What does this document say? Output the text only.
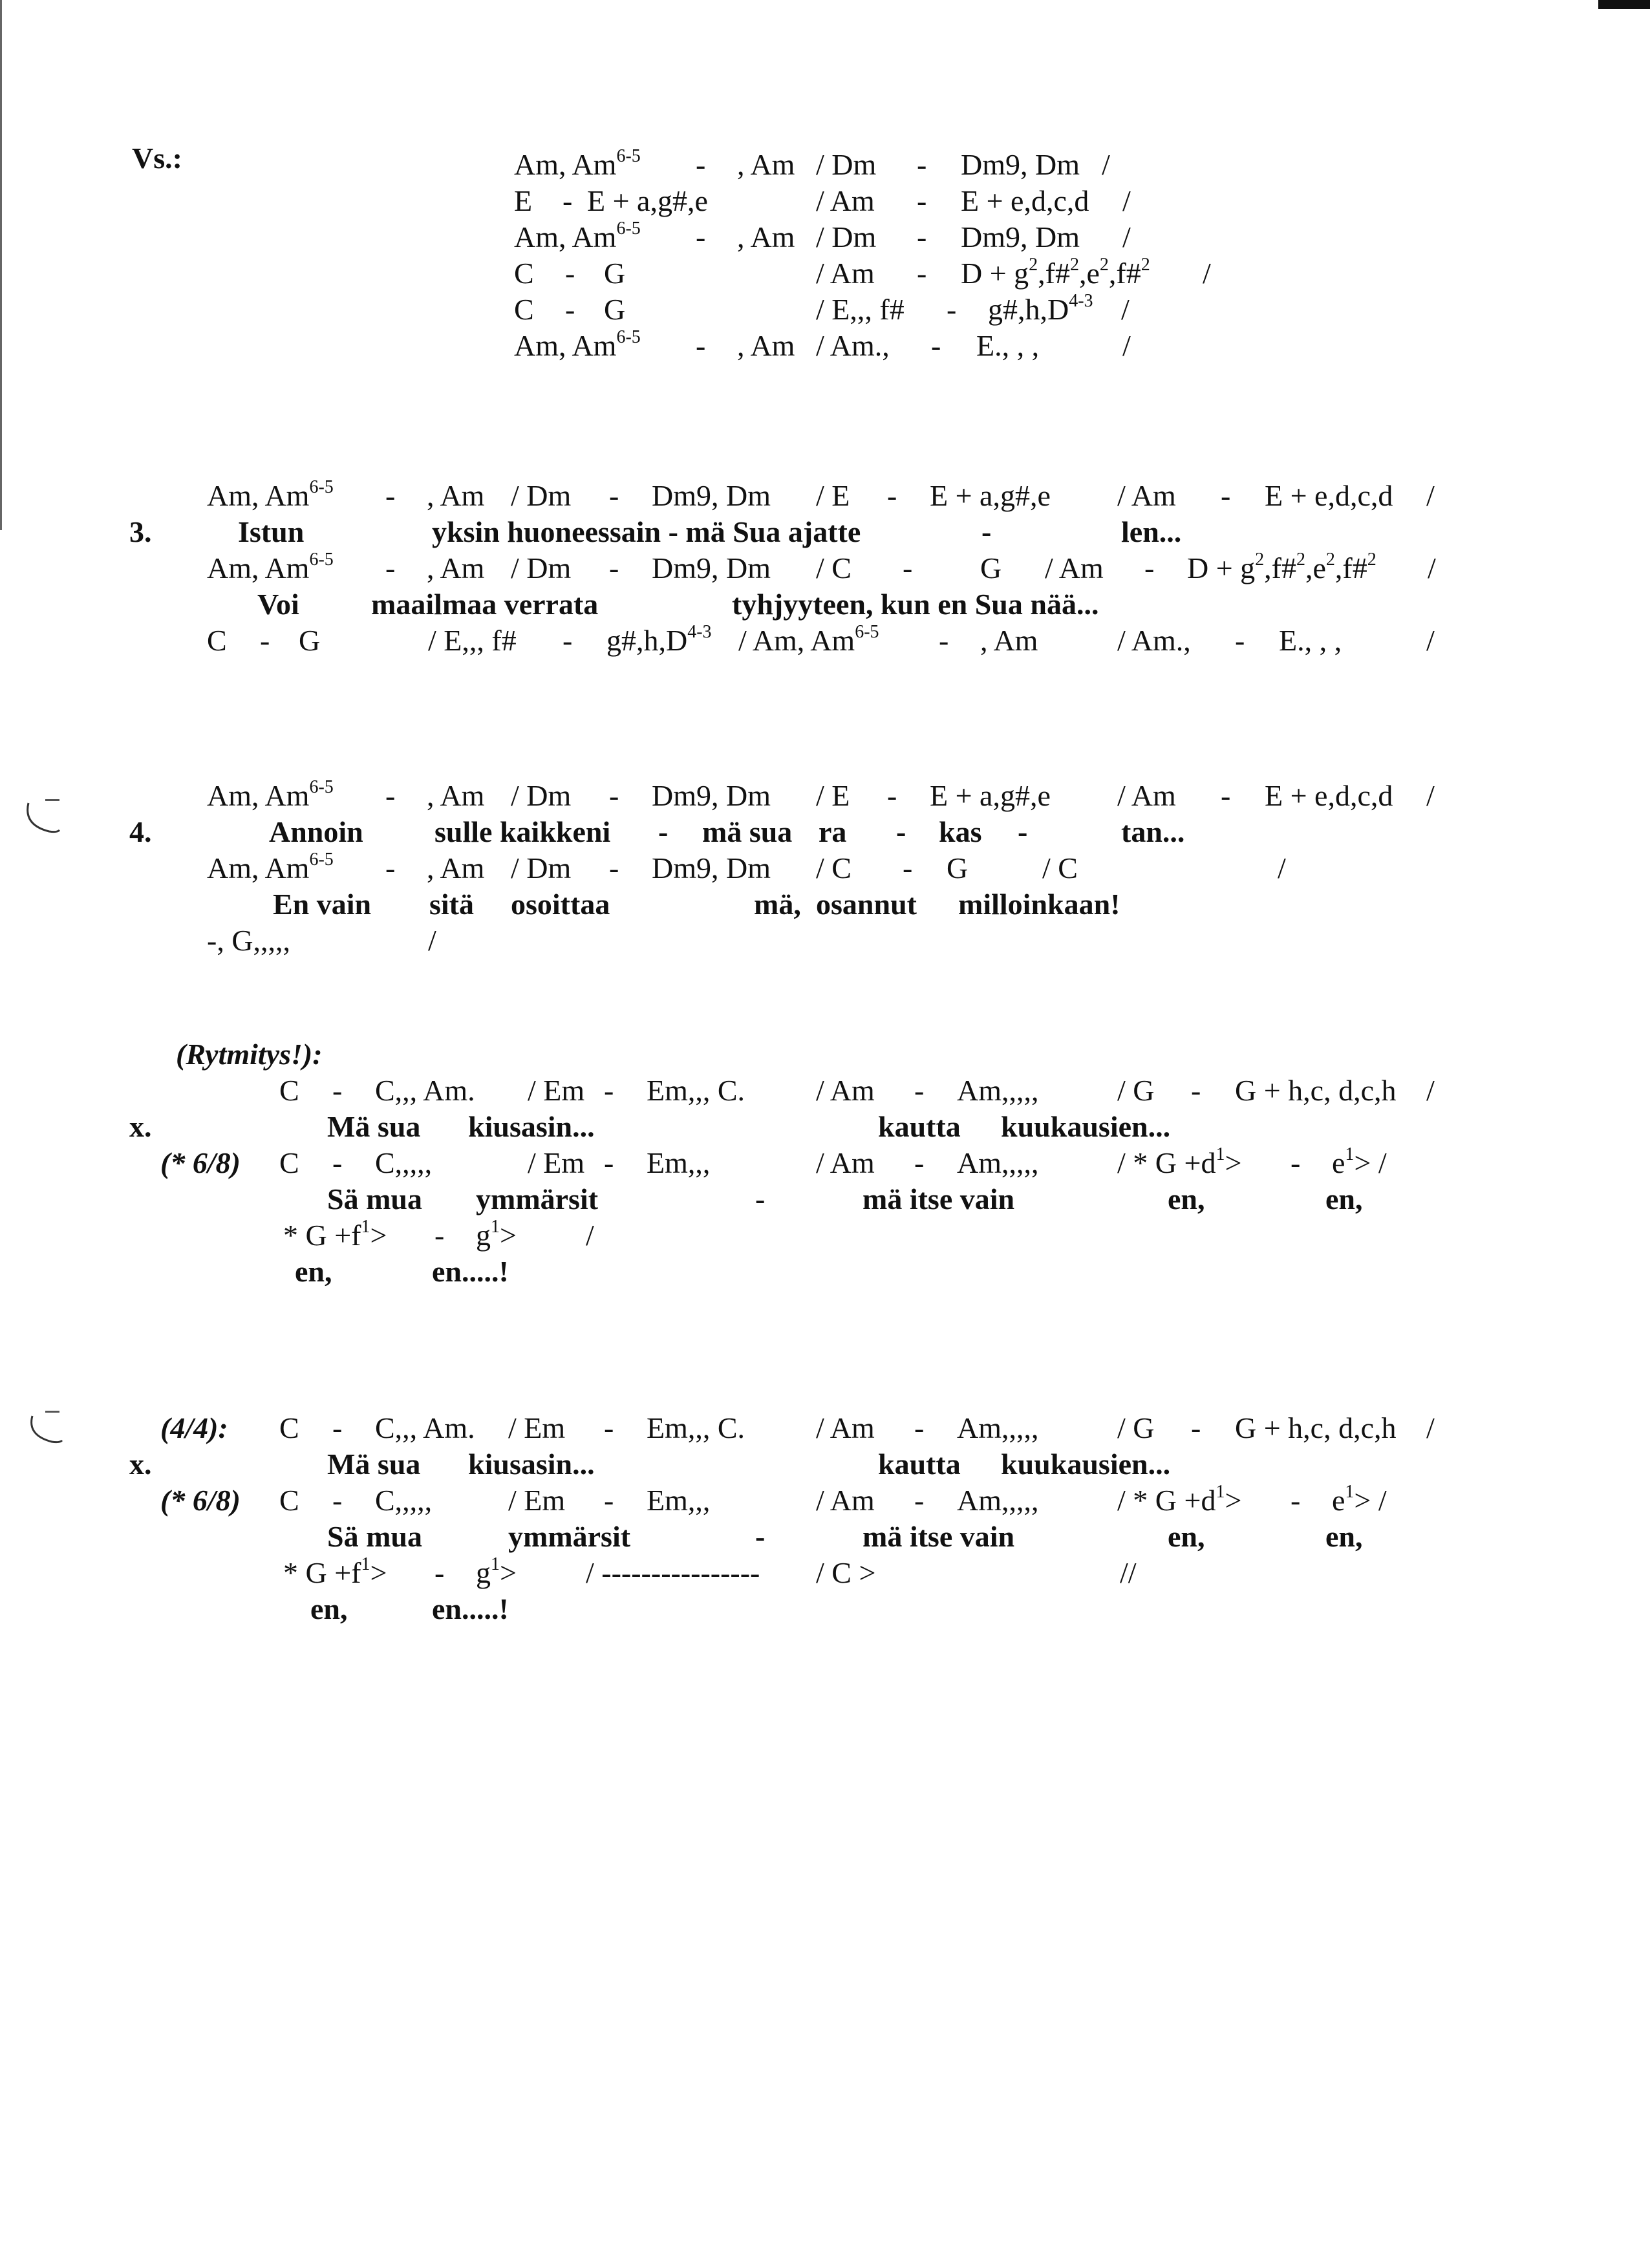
Vs.:	Am, Am$^{6-5}$ - , Am / Dm - Dm9, Dm /
E - E + a,g#,e	/ Am - E + e,d,c,d /
Am, Am$^{6-5}$ - , Am / Dm - Dm9, Dm /
C - G	/ $Am - D + g^2,f\#^2,e^2,f\#^2$ /
C - G	/ E,,, f# - $g\#,h,D^{4-3}$ /
Am, Am$^{6-5}$ - , Am / Am., - E., , ,	/
Am, Am$^{6-5}$ - , Am / Dm - Dm9, Dm / E - E + a,g#,e / Am - E + e,d,c,d /
3.	Istun	yksin huoneessain - mä Sua ajatte	-	len...
Am, Am$^{6-5}$ - , Am / Dm - Dm9, $Dm / C - G / Am - D + g^2,f\#^2,e^2,f\#^2$ /
Voi maailmaa verrata	tyhjyyteen, kun en Sua nää...
C - G	/ E,,, f# - $g\#,h,D^{4-3}$ / Am, Am$^{6-5}$ - , Am	/ Am., - E., , ,	/
Am, Am$^{6-5}$ - , Am / Dm - Dm9, Dm / E - E + a,g#,e / Am - E + e,d,c,d /
4.	Annoin sulle kaikkeni - mä sua ra - kas -	tan...
Am, Am$^{6-5}$ - , Am / Dm - Dm9, Dm / C - G / C	/
En vain sitä osoittaa	mä, osannut milloinkaan!
-, G,,,,,	/
(Rytmitys!):
C - C,,, Am. / Em - Em,,, C. / Am - Am,,,,,	/ G - G + h,c, d,c,h /
x.	Mä sua kiusasin...	kautta kuukausien...
(* 6/8) C - C,,,,,	/ Em - Em,,,	/ Am - Am,,,,,	/ * $G +d^1> - e^1>$ /
Sä mua ymmärsit	-	mä itse vain	en,	en,
* $G +f^1> - g^1>$ /
en,	en.....!
(4/4): C - C,,, Am. / Em - Em,,, C. / Am - Am,,,,,	/ G - G + h,c, d,c,h /
x.	Mä sua kiusasin...	kautta kuukausien...
(* 6/8) C - C,,,,,	/ Em - Em,,,	/ Am - Am,,,,,	/ * $G +d^1> - e^1>$ /
Sä mua	ymmärsit	-	mä itse vain	en,	en,
* $G +f^1> - g^1>$ / ---------------- / C >	//
en,	en.....!
